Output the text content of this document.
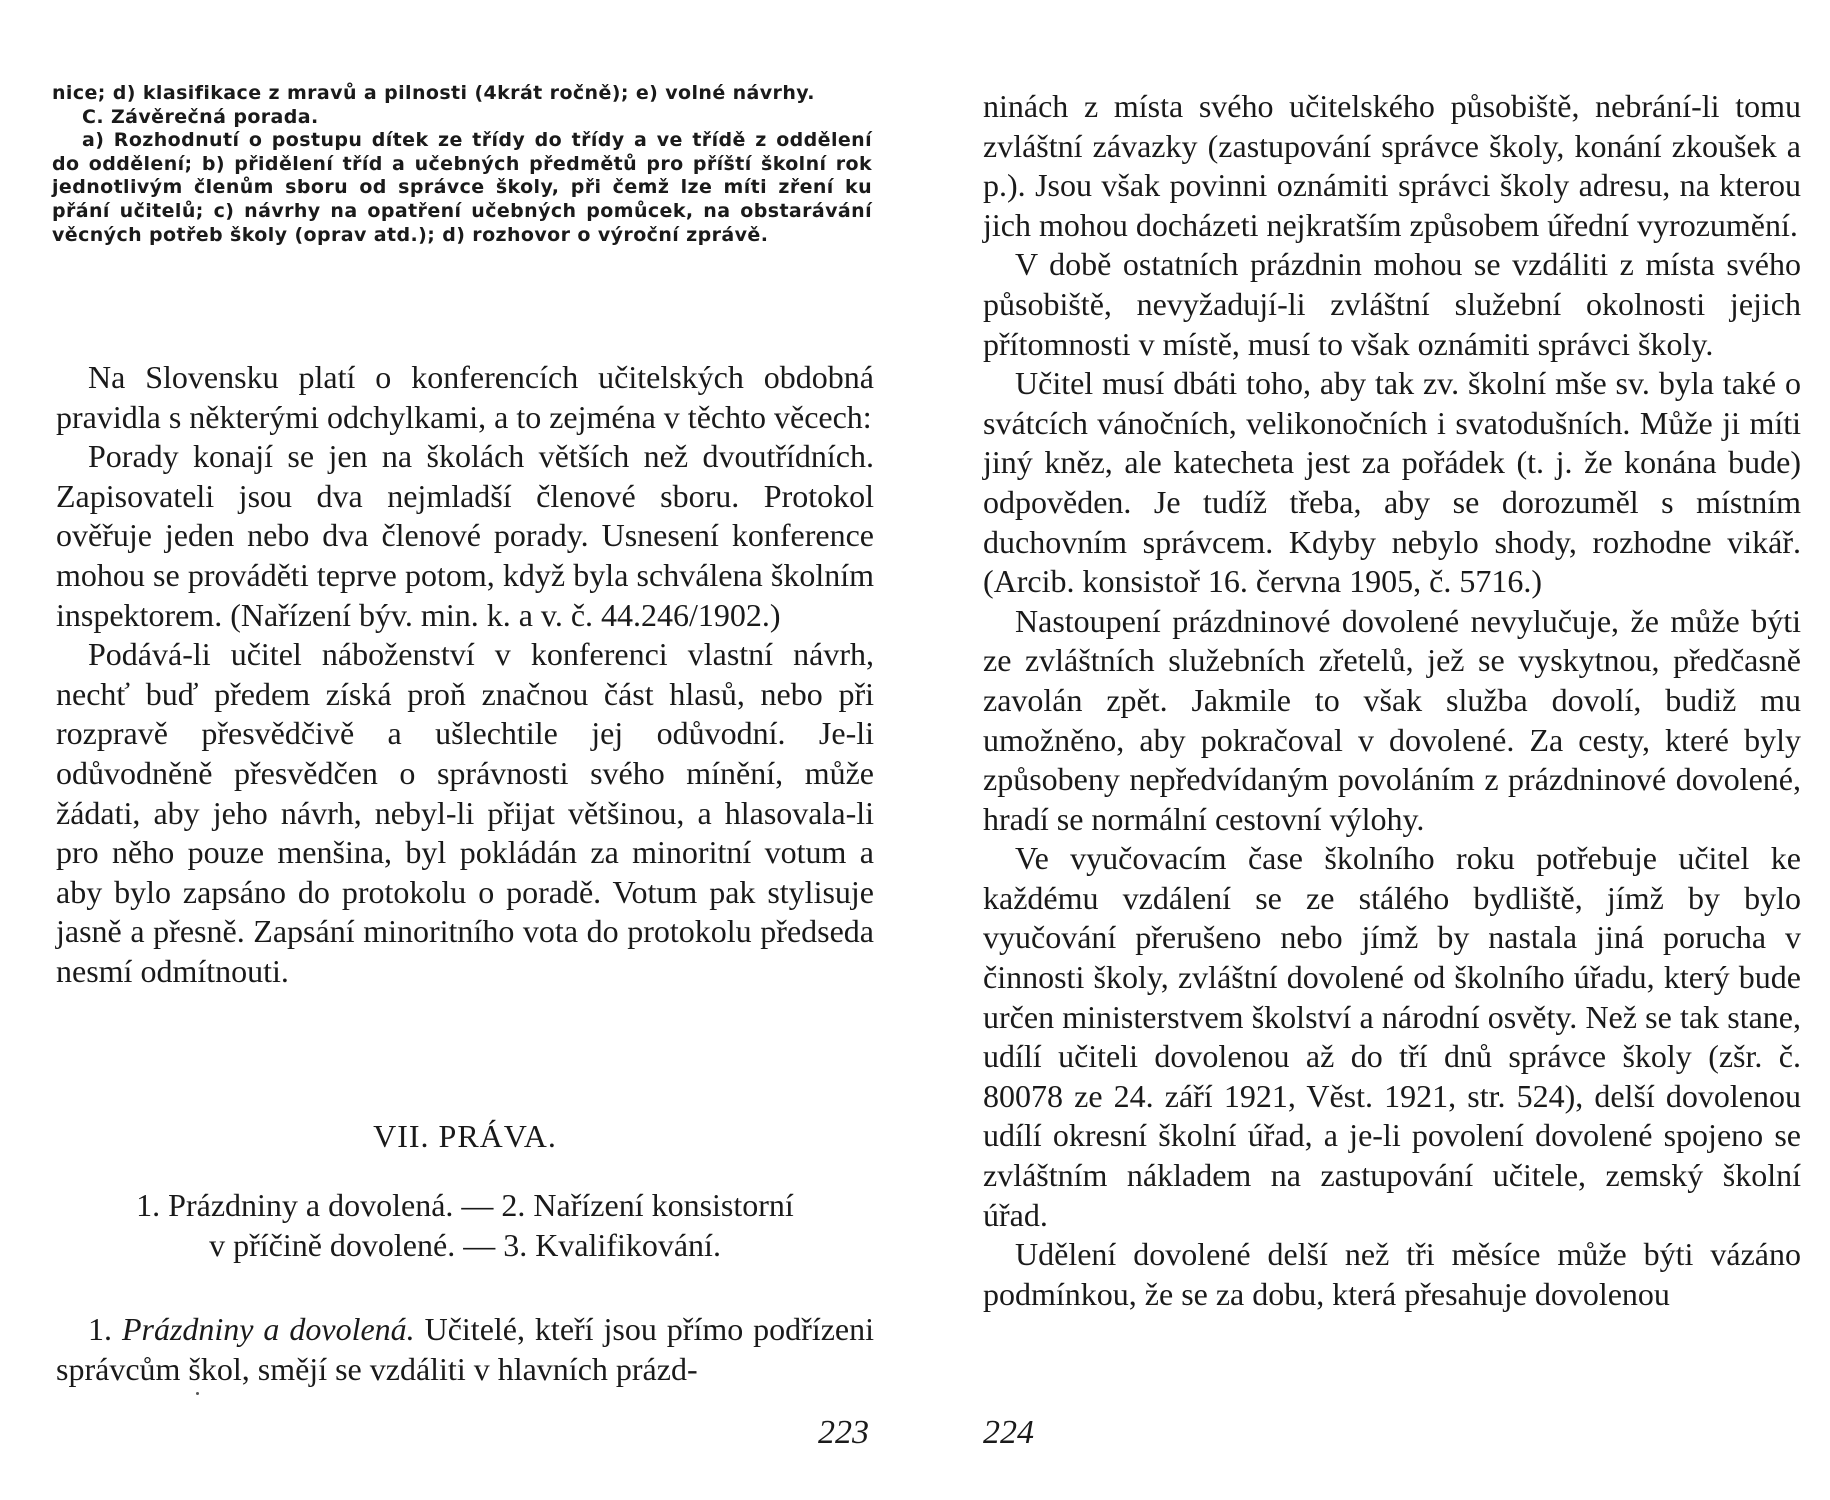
nice; d) klasifikace z mravů a pilnosti (4krát ročně); e) volné návrhy.

C. Závěrečná porada.

a) Rozhodnutí o postupu dítek ze třídy do třídy a ve třídě z oddělení do oddělení; b) přidělení tříd a učebných předmětů pro příští školní rok jednotlivým členům sboru od správce školy, při čemž lze míti zření ku přání učitelů; c) návrhy na opatření učebných pomůcek, na obstarávání věcných potřeb školy (oprav atd.); d) rozhovor o výroční zprávě.

Na Slovensku platí o konferencích učitelských obdobná pravidla s některými odchylkami, a to zejména v těchto věcech:

Porady konají se jen na školách větších než dvoutřídních. Zapisovateli jsou dva nejmladší členové sboru. Protokol ověřuje jeden nebo dva členové porady. Usnesení konference mohou se prováděti teprve potom, když byla schválena školním inspektorem. (Nařízení býv. min. k. a v. č. 44.246/1902.)

Podává-li učitel náboženství v konferenci vlastní návrh, nechť buď předem získá proň značnou část hlasů, nebo při rozpravě přesvědčivě a ušlechtile jej odůvodní. Je-li odůvodněně přesvědčen o správnosti svého mínění, může žádati, aby jeho návrh, nebyl-li přijat většinou, a hlasovala-li pro něho pouze menšina, byl pokládán za minoritní votum a aby bylo zapsáno do protokolu o poradě. Votum pak stylisuje jasně a přesně. Zapsání minoritního vota do protokolu předseda nesmí odmítnouti.

VII. PRÁVA.
1. Prázdniny a dovolená. — 2. Nařízení konsistorní
v příčině dovolené. — 3. Kvalifikování.

1. Prázdniny a dovolená. Učitelé, kteří jsou přímo podřízeni správcům škol, smějí se vzdáliti v hlavních prázd-

223

ninách z místa svého učitelského působiště, nebrání-li tomu zvláštní závazky (zastupování správce školy, konání zkoušek a p.). Jsou však povinni oznámiti správci školy adresu, na kterou jich mohou docházeti nejkratším způsobem úřední vyrozumění.

V době ostatních prázdnin mohou se vzdáliti z místa svého působiště, nevyžadují-li zvláštní služební okolnosti jejich přítomnosti v místě, musí to však oznámiti správci školy.

Učitel musí dbáti toho, aby tak zv. školní mše sv. byla také o svátcích vánočních, velikonočních i svatodušních. Může ji míti jiný kněz, ale katecheta jest za pořádek (t. j. že konána bude) odpověden. Je tudíž třeba, aby se dorozuměl s místním duchovním správcem. Kdyby nebylo shody, rozhodne vikář. (Arcib. konsistoř 16. června 1905, č. 5716.)

Nastoupení prázdninové dovolené nevylučuje, že může býti ze zvláštních služebních zřetelů, jež se vyskytnou, předčasně zavolán zpět. Jakmile to však služba dovolí, budiž mu umožněno, aby pokračoval v dovolené. Za cesty, které byly způsobeny nepředvídaným povoláním z prázdninové dovolené, hradí se normální cestovní výlohy.

Ve vyučovacím čase školního roku potřebuje učitel ke každému vzdálení se ze stálého bydliště, jímž by bylo vyučování přerušeno nebo jímž by nastala jiná porucha v činnosti školy, zvláštní dovolené od školního úřadu, který bude určen ministerstvem školství a národní osvěty. Než se tak stane, udílí učiteli dovolenou až do tří dnů správce školy (zšr. č. 80078 ze 24. září 1921, Věst. 1921, str. 524), delší dovolenou udílí okresní školní úřad, a je-li povolení dovolené spojeno se zvláštním nákladem na zastupování učitele, zemský školní úřad.

Udělení dovolené delší než tři měsíce může býti vázáno podmínkou, že se za dobu, která přesahuje dovolenou

224
